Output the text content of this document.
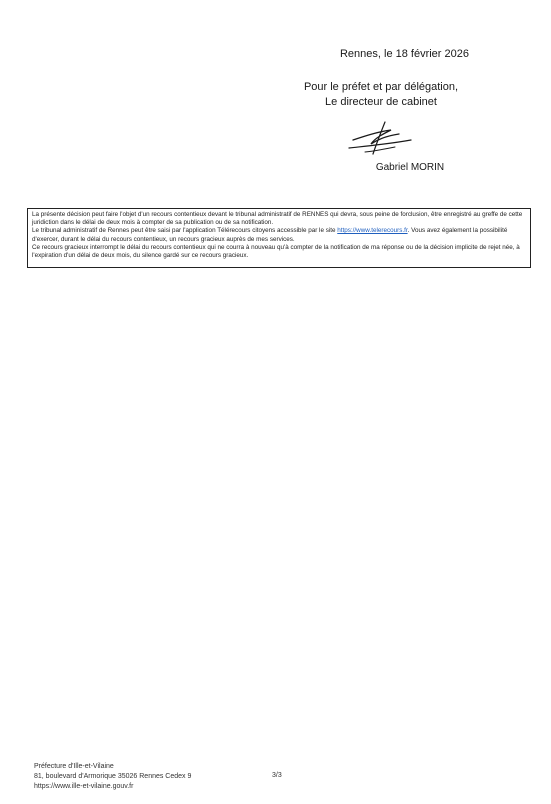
Rennes, le 18 février 2026
Pour le préfet et par délégation,
Le directeur de cabinet
Gabriel MORIN

La présente décision peut faire l'objet d'un recours contentieux devant le tribunal administratif de RENNES qui devra, sous peine de forclusion, être enregistré au greffe de cette juridiction dans le délai de deux mois à compter de sa publication ou de sa notification.

Le tribunal administratif de Rennes peut être saisi par l'application Télérecours citoyens accessible par le site https://www.telerecours.fr. Vous avez également la possibilité d'exercer, durant le délai du recours contentieux, un recours gracieux auprès de mes services.

Ce recours gracieux interrompt le délai du recours contentieux qui ne courra à nouveau qu'à compter de la notification de ma réponse ou de la décision implicite de rejet née, à l'expiration d'un délai de deux mois, du silence gardé sur ce recours gracieux.

Préfecture d'Ille-et-Vilaine
81, boulevard d'Armorique 35026 Rennes Cedex 9
https://www.ille-et-vilaine.gouv.fr
3/3
